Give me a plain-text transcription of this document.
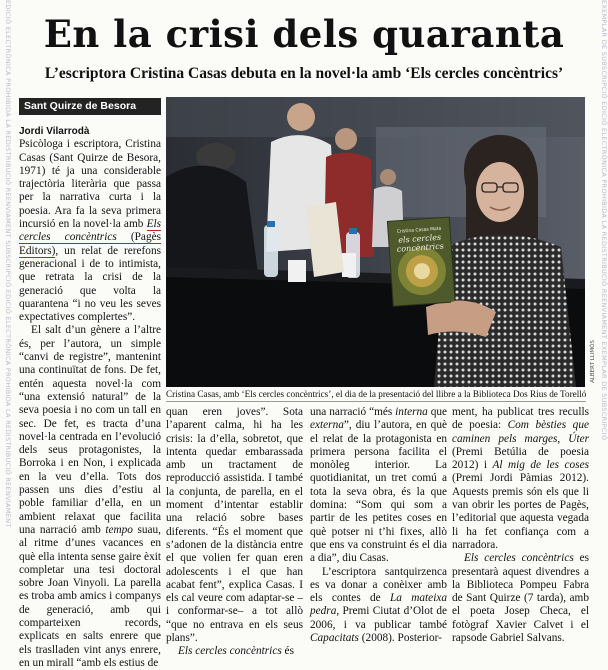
EDICIÓ ELECTRÒNICA PROHIBIDA LA REDISTRIBUCIÓ REENVIAMENT SUBSCRIPCIÓ EDICIÓ ELECTRÒNICA PROHIBIDA LA REDISTRIBUCIÓ REENVIAMENT	EXEMPLAR DE SUBSCRIPCIÓ EDICIÓ ELECTRÒNICA PROHIBIDA LA REDISTRIBUCIÓ REENVIAMENT EXEMPLAR DE SUBSCRIPCIÓ
En la crisi dels quaranta
L’escriptora Cristina Casas debuta en la novel·la amb ‘Els cercles concèntrics’
Sant Quirze de Besora

Jordi Vilarrodà
Psicòloga i escriptora, Cristina Casas (Sant Quirze de Besora, 1971) té ja una considerable trajectòria literària que passa per la narrativa curta i la poesia. Ara fa la seva primera incursió en la novel·la amb Els cercles concèntrics (Pagès Editors), un relat de rerefons generacional i de to intimista, que retrata la crisi de la generació que volta la quarantena “i no veu les seves expectatives complertes”.

El salt d’un gènere a l’altre és, per l’autora, un simple “canvi de registre”, mantenint una continuïtat de fons. De fet, entén aquesta novel·la com “una extensió natural” de la seva poesia i no com un tall en sec. De fet, es tracta d’una novel·la centrada en l’evolució dels seus protagonistes, la Borroka i en Non, i explicada en la veu d’ella. Tots dos passen uns dies d’estiu al poble familiar d’ella, en un ambient relaxat que facilita una narració amb tempo suau, al ritme d’unes vacances en què ella intenta sense gaire èxit completar una tesi doctoral sobre Joan Vinyoli. La parella es troba amb amics i companys de generació, amb qui comparteixen records, explicats en salts enrere que els traslladen vint anys enrere, en un mirall “amb els estius de

Cristina Casas Mata
els cercles
concèntrics
ALBERT LLIMÓS
Cristina Casas, amb ‘Els cercles concèntrics’, el dia de la presentació del llibre a la Biblioteca Dos Rius de Torelló

quan eren joves”. Sota l’aparent calma, hi ha les crisis: la d’ella, sobretot, que intenta quedar embarassada amb un tractament de reproducció assistida. I també la conjunta, de parella, en el moment d’intentar establir una relació sobre bases diferents. “És el moment que s’adonen de la distància entre el que volien fer quan eren adolescents i el que han acabat fent”, explica Casas. I els cal veure com adaptar-se –i conformar-se– a tot allò “que no entrava en els seus plans”.

Els cercles concèntrics és

una narració “més interna que externa”, diu l’autora, en què el relat de la protagonista en primera persona facilita el monòleg interior. La quotidianitat, un tret comú a tota la seva obra, és la que domina: “Som qui som a partir de les petites coses en què potser ni t’hi fixes, allò que ens va construint és el dia a dia”, diu Casas.

L’escriptora santquirzenca es va donar a conèixer amb els contes de La mateixa pedra, Premi Ciutat d’Olot de 2006, i va publicar també Capacitats (2008). Posterior-

ment, ha publicat tres reculls de poesia: Com bèsties que caminen pels marges, Úter (Premi Betúlia de poesia 2012) i Al mig de les coses (Premi Jordi Pàmias 2012). Aquests premis són els que li van obrir les portes de Pagès, l’editorial que aquesta vegada li ha fet confiança com a narradora.

Els cercles concèntrics es presentarà aquest divendres a la Biblioteca Pompeu Fabra de Sant Quirze (7 tarda), amb el poeta Josep Checa, el fotògraf Xavier Calvet i el rapsode Gabriel Salvans.
